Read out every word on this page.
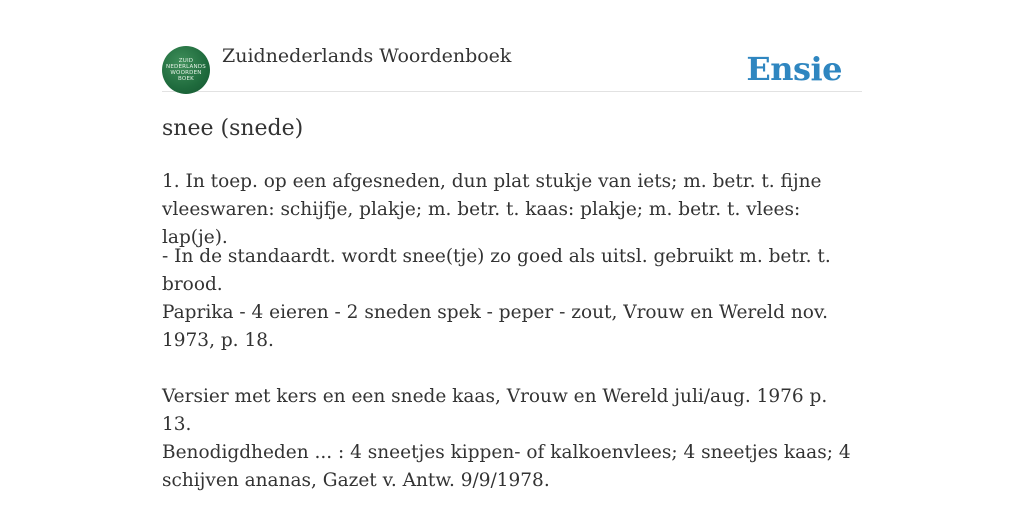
ZUID
NEDERLANDS
WOORDEN
BOEK
Zuidnederlands Woordenboek	Ensie
snee (snede)
1. In toep. op een afgesneden, dun plat stukje van iets; m. betr. t. fijne vleeswaren: schijfje, plakje; m. betr. t. kaas: plakje; m. betr. t. vlees: lap(je).
- In de standaardt. wordt snee(tje) zo goed als uitsl. gebruikt m. betr. t. brood.
Paprika - 4 eieren - 2 sneden spek - peper - zout, Vrouw en Wereld nov. 1973, p. 18.
Versier met kers en een snede kaas, Vrouw en Wereld juli/aug. 1976 p. 13.
Benodigdheden ... : 4 sneetjes kippen- of kalkoenvlees; 4 sneetjes kaas; 4 schijven ananas, Gazet v. Antw. 9/9/1978.
